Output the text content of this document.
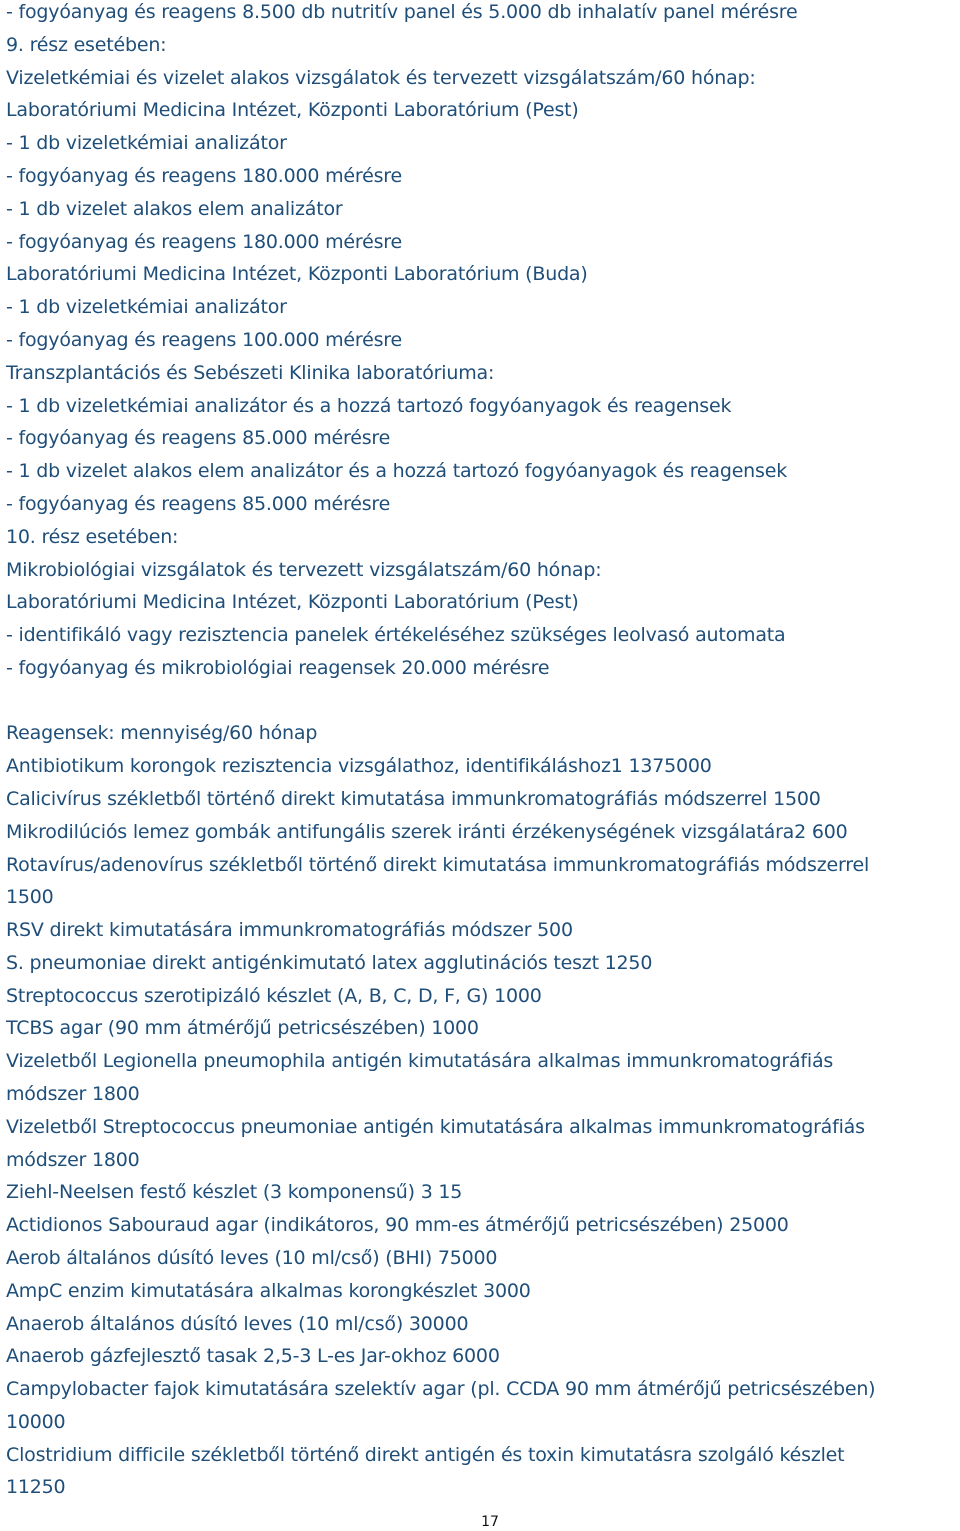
- fogyóanyag és reagens 8.500 db nutritív panel és 5.000 db inhalatív panel mérésre
9. rész esetében:
Vizeletkémiai és vizelet alakos vizsgálatok és tervezett vizsgálatszám/60 hónap:
Laboratóriumi Medicina Intézet, Központi Laboratórium (Pest)
- 1 db vizeletkémiai analizátor
- fogyóanyag és reagens 180.000 mérésre
- 1 db vizelet alakos elem analizátor
- fogyóanyag és reagens 180.000 mérésre
Laboratóriumi Medicina Intézet, Központi Laboratórium (Buda)
- 1 db vizeletkémiai analizátor
- fogyóanyag és reagens 100.000 mérésre
Transzplantációs és Sebészeti Klinika laboratóriuma:
- 1 db vizeletkémiai analizátor és a hozzá tartozó fogyóanyagok és reagensek
- fogyóanyag és reagens 85.000 mérésre
- 1 db vizelet alakos elem analizátor és a hozzá tartozó fogyóanyagok és reagensek
- fogyóanyag és reagens 85.000 mérésre
10. rész esetében:
Mikrobiológiai vizsgálatok és tervezett vizsgálatszám/60 hónap:
Laboratóriumi Medicina Intézet, Központi Laboratórium (Pest)
- identifikáló vagy rezisztencia panelek értékeléséhez szükséges leolvasó automata
- fogyóanyag és mikrobiológiai reagensek 20.000 mérésre
Reagensek: mennyiség/60 hónap
Antibiotikum korongok rezisztencia vizsgálathoz, identifikáláshoz1 1375000
Calicivírus székletből történő direkt kimutatása immunkromatográfiás módszerrel 1500
Mikrodilúciós lemez gombák antifungális szerek iránti érzékenységének vizsgálatára2 600
Rotavírus/adenovírus székletből történő direkt kimutatása immunkromatográfiás módszerrel
1500
RSV direkt kimutatására immunkromatográfiás módszer 500
S. pneumoniae direkt antigénkimutató latex agglutinációs teszt 1250
Streptococcus szerotipizáló készlet (A, B, C, D, F, G) 1000
TCBS agar (90 mm átmérőjű petricsészében) 1000
Vizeletből Legionella pneumophila antigén kimutatására alkalmas immunkromatográfiás
módszer 1800
Vizeletből Streptococcus pneumoniae antigén kimutatására alkalmas immunkromatográfiás
módszer 1800
Ziehl-Neelsen festő készlet (3 komponensű) 3 15
Actidionos Sabouraud agar (indikátoros, 90 mm-es átmérőjű petricsészében) 25000
Aerob általános dúsító leves (10 ml/cső) (BHI) 75000
AmpC enzim kimutatására alkalmas korongkészlet 3000
Anaerob általános dúsító leves (10 ml/cső) 30000
Anaerob gázfejlesztő tasak 2,5-3 L-es Jar-okhoz 6000
Campylobacter fajok kimutatására szelektív agar (pl. CCDA 90 mm átmérőjű petricsészében)
10000
Clostridium difficile székletből történő direkt antigén és toxin kimutatásra szolgáló készlet
11250
17
